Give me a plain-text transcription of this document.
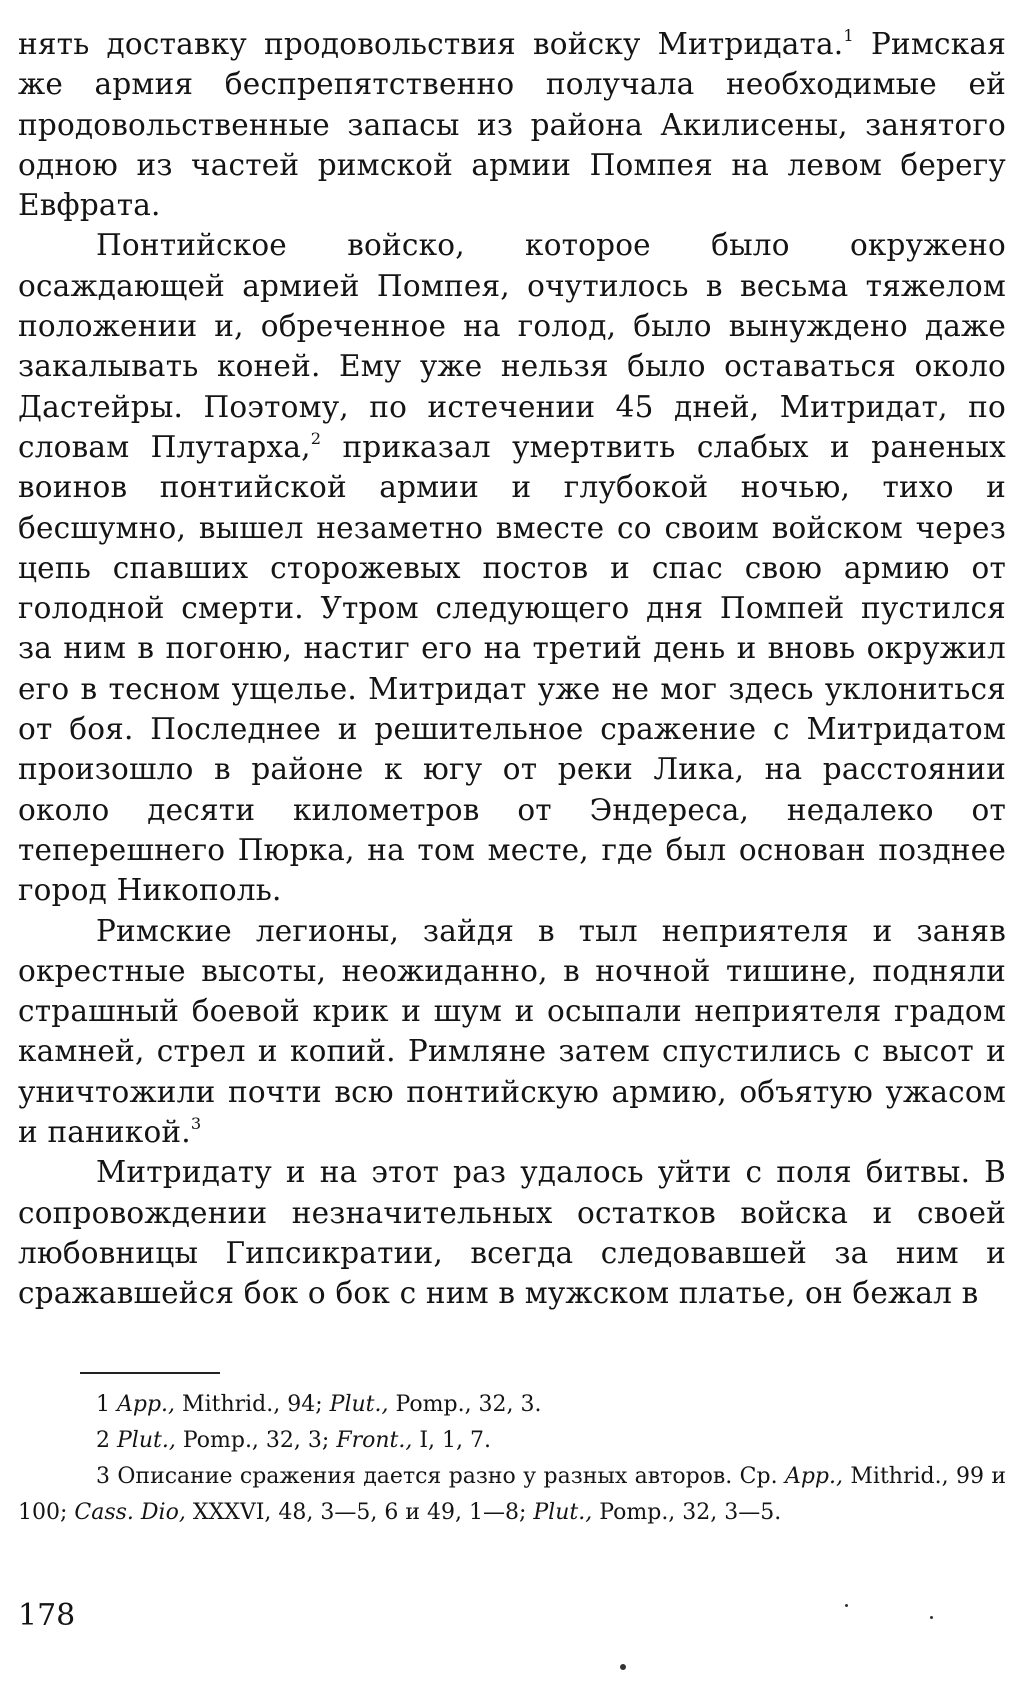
нять доставку продовольствия войску Митридата.$^1$ Римская же армия беспрепятственно получала необходимые ей продовольственные запасы из района Акилисены, занятого одною из частей римской армии Помпея на левом берегу Евфрата.

Понтийское войско, которое было окружено осаждающей армией Помпея, очутилось в весьма тяжелом положении и, обреченное на голод, было вынуждено даже закалывать коней. Ему уже нельзя было оставаться около Дастейры. Поэтому, по истечении 45 дней, Митридат, по словам Плутарха,$^2$ приказал умертвить слабых и раненых воинов понтийской армии и глубокой ночью, тихо и бесшумно, вышел незаметно вместе со своим войском через цепь спавших сторожевых постов и спас свою армию от голодной смерти. Утром следующего дня Помпей пустился за ним в погоню, настиг его на третий день и вновь окружил его в тесном ущелье. Митридат уже не мог здесь уклониться от боя. Последнее и решительное сражение с Митридатом произошло в районе к югу от реки Лика, на расстоянии около десяти километров от Эндереса, недалеко от теперешнего Пюрка, на том месте, где был основан позднее город Никополь.

Римские легионы, зайдя в тыл неприятеля и заняв окрестные высоты, неожиданно, в ночной тишине, подняли страшный боевой крик и шум и осыпали неприятеля градом камней, стрел и копий. Римляне затем спустились с высот и уничтожили почти всю понтийскую армию, объятую ужасом и паникой.$^3$

Митридату и на этот раз удалось уйти с поля битвы. В сопровождении незначительных остатков войска и своей любовницы Гипсикратии, всегда следовавшей за ним и сражавшейся бок о бок с ним в мужском платье, он бежал в

1 App., Mithrid., 94; Plut., Pomp., 32, 3.

2 Plut., Pomp., 32, 3; Front., I, 1, 7.

3 Описание сражения дается разно у разных авторов. Ср. App., Mithrid., 99 и 100; Cass. Dio, XXXVI, 48, 3—5, 6 и 49, 1—8; Plut., Pomp., 32, 3—5.

178
